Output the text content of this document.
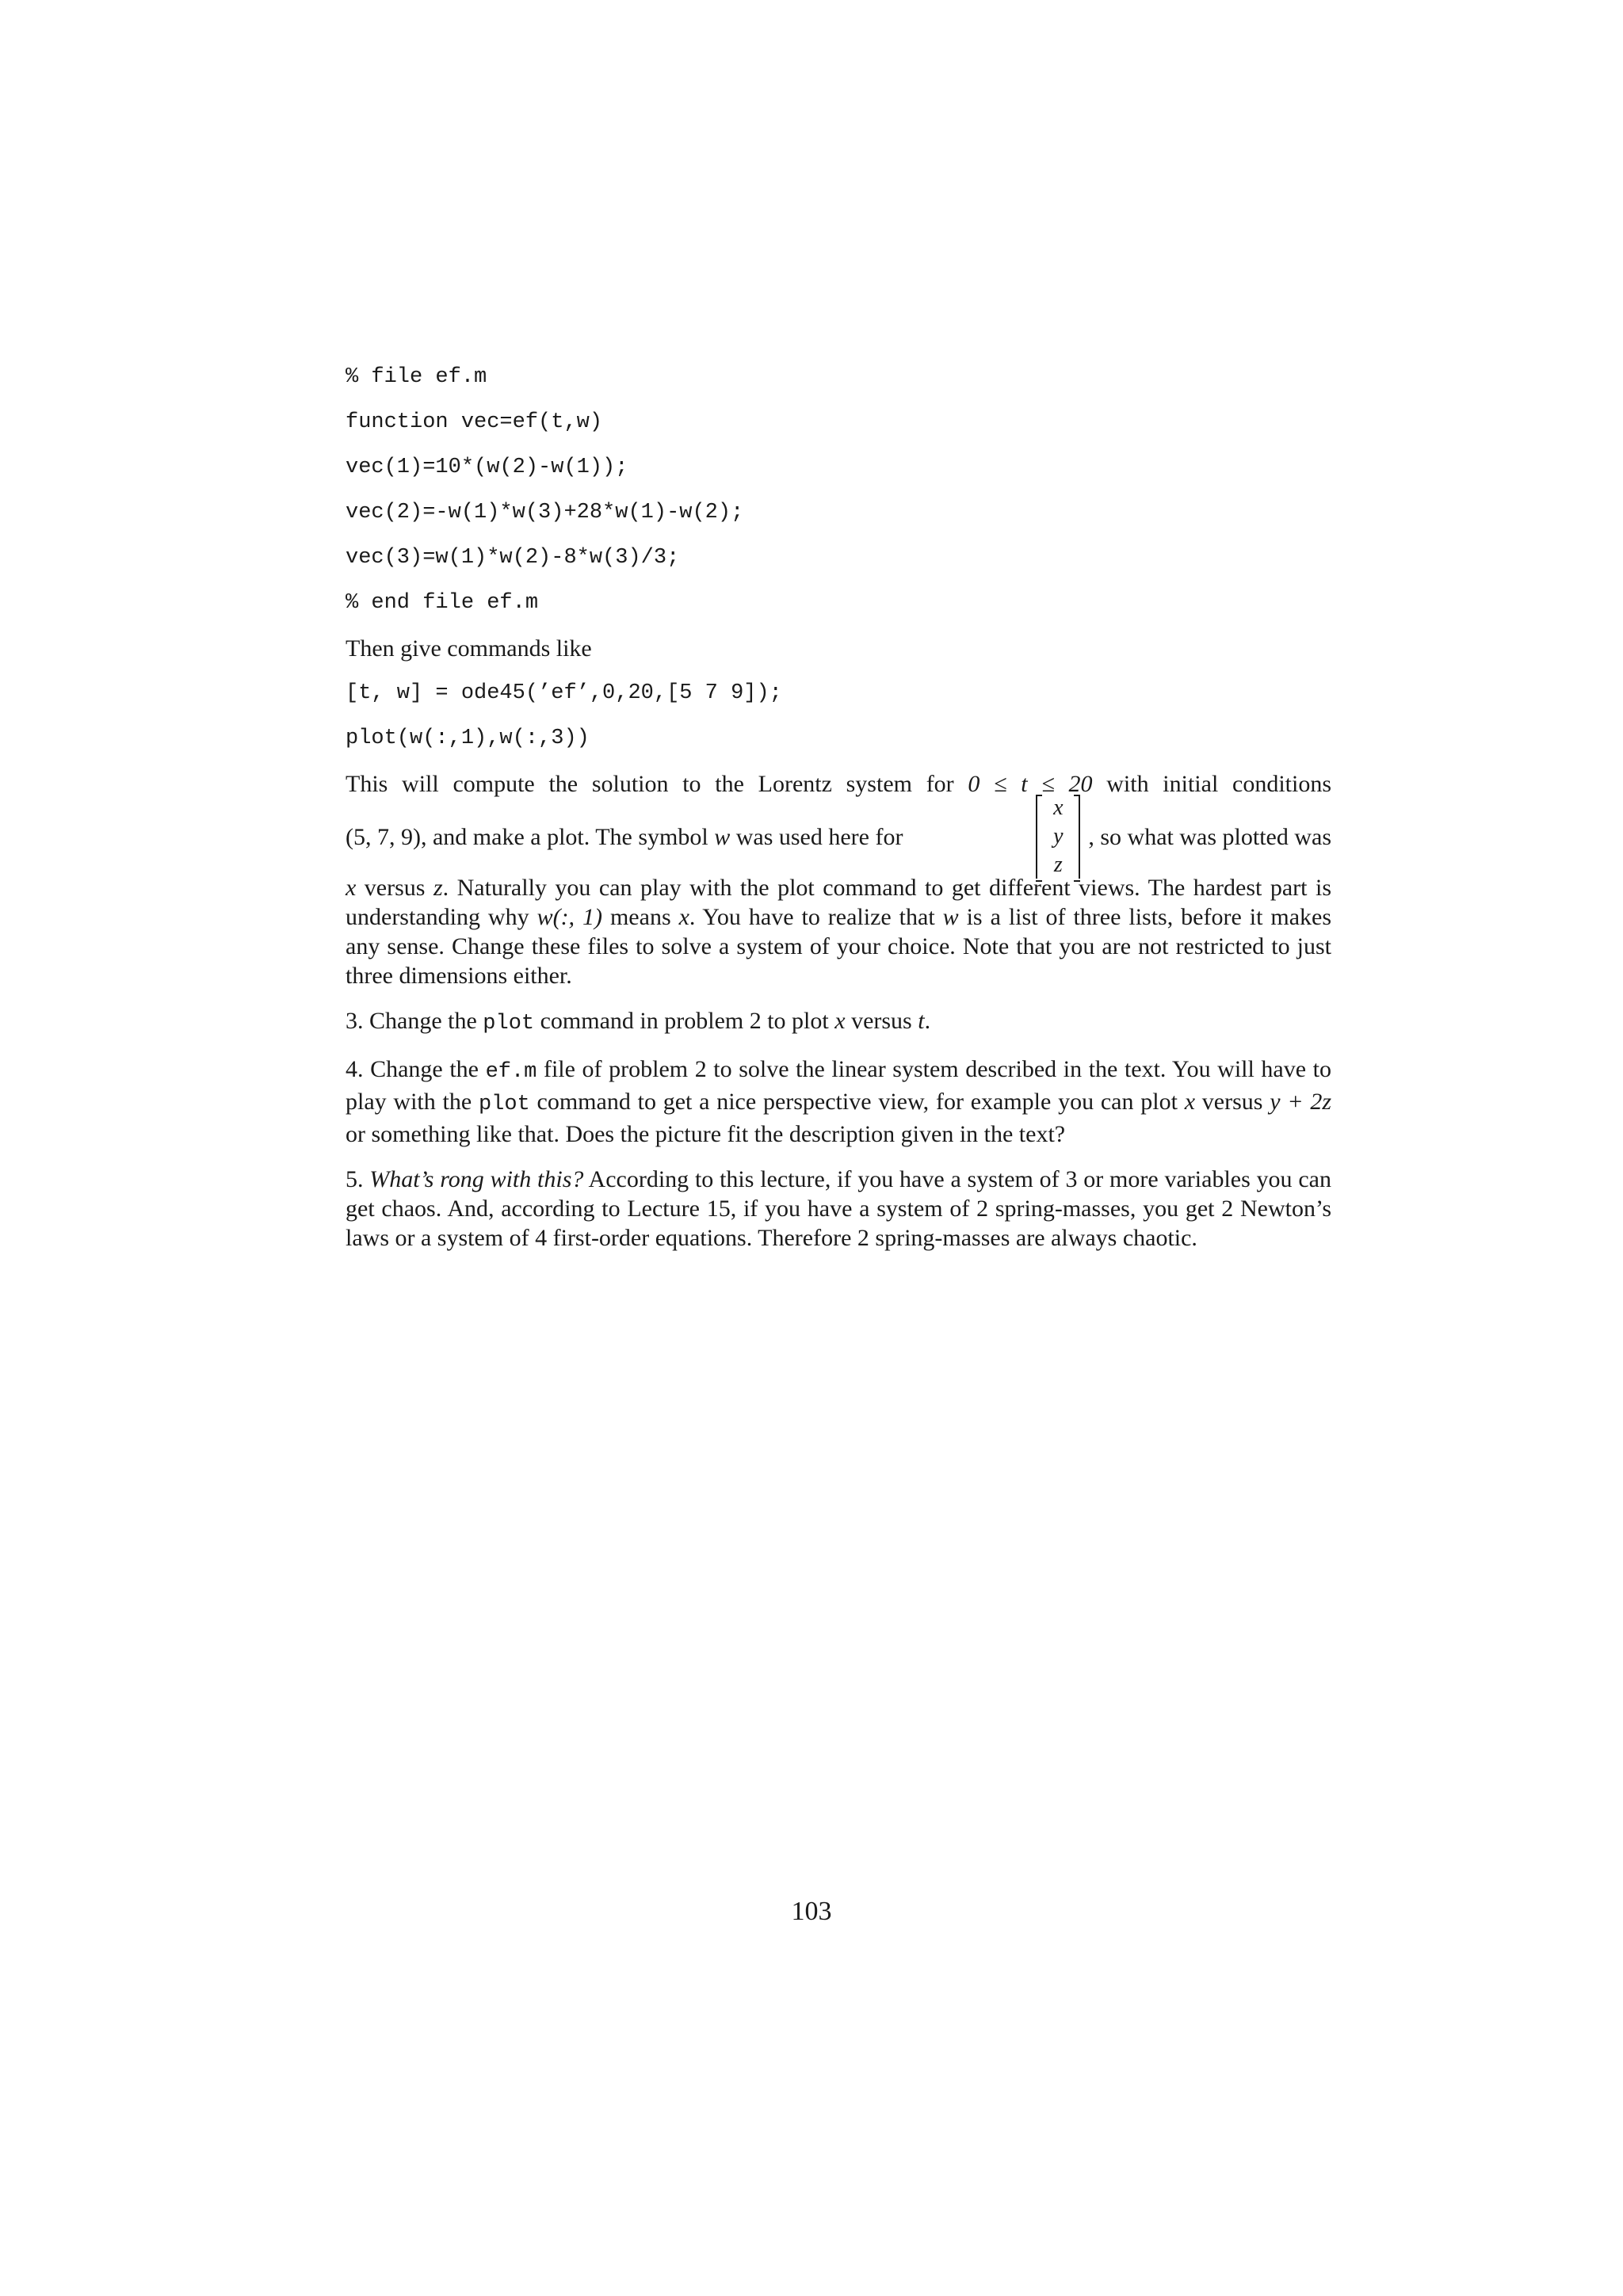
% file ef.m
function vec=ef(t,w)
vec(1)=10*(w(2)-w(1));
vec(2)=-w(1)*w(3)+28*w(1)-w(2);
vec(3)=w(1)*w(2)-8*w(3)/3;
% end file ef.m

Then give commands like

[t, w] = ode45(’ef’,0,20,[5 7 9]);
plot(w(:,1),w(:,3))

This will compute the solution to the Lorentz system for 0 ≤ t ≤ 20 with initial conditions

(5, 7, 9), and make a plot. The symbol w was used here for
x
y
z
, so what was plotted was

x versus z. Naturally you can play with the plot command to get different views. The hardest part is understanding why w(:, 1) means x. You have to realize that w is a list of three lists, before it makes any sense. Change these files to solve a system of your choice. Note that you are not restricted to just three dimensions either.

3. Change the plot command in problem 2 to plot x versus t.

4. Change the ef.m file of problem 2 to solve the linear system described in the text. You will have to play with the plot command to get a nice perspective view, for example you can plot x versus y + 2z or something like that. Does the picture fit the description given in the text?

5. What’s rong with this? According to this lecture, if you have a system of 3 or more variables you can get chaos. And, according to Lecture 15, if you have a system of 2 spring-masses, you get 2 Newton’s laws or a system of 4 first-order equations. Therefore 2 spring-masses are always chaotic.

103
